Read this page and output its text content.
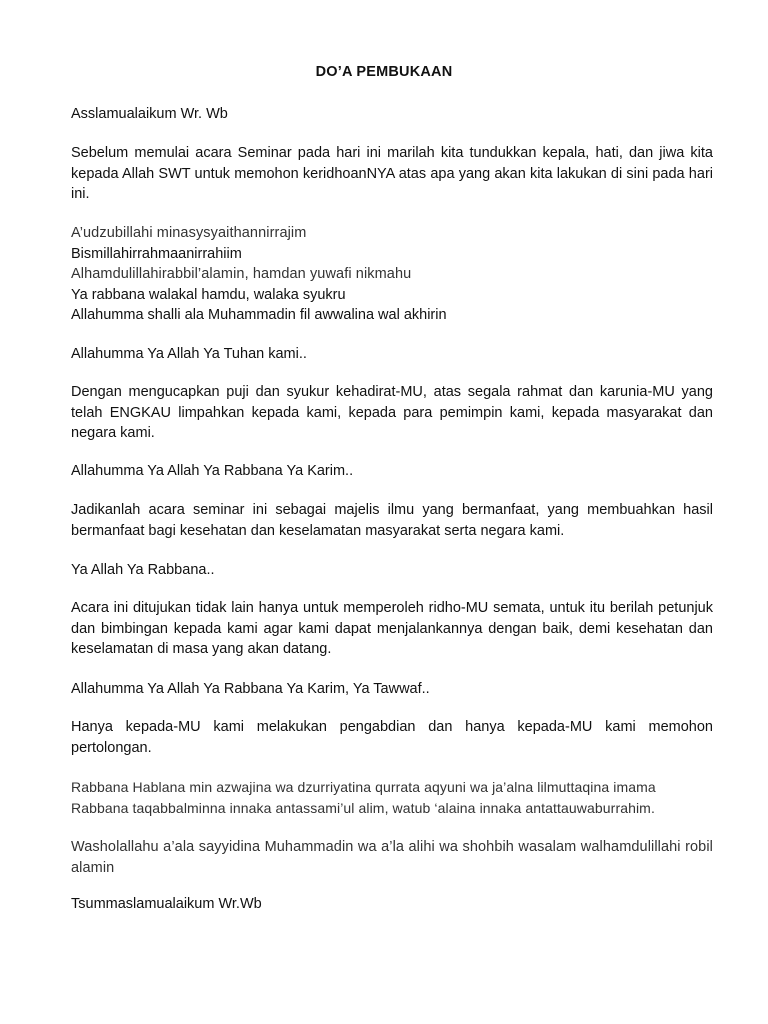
DO’A PEMBUKAAN

Asslamualaikum Wr. Wb

Sebelum memulai acara Seminar pada hari ini marilah kita tundukkan kepala, hati, dan jiwa kita kepada Allah SWT untuk memohon keridhoanNYA atas apa yang akan kita lakukan di sini pada hari ini.

A’udzubillahi minasysyaithannirrajim
Bismillahirrahmaanirrahiim
Alhamdulillahirabbil’alamin, hamdan yuwafi nikmahu
Ya rabbana walakal hamdu, walaka syukru
Allahumma shalli ala Muhammadin fil awwalina wal akhirin

Allahumma Ya Allah Ya Tuhan kami..

Dengan mengucapkan puji dan syukur kehadirat-MU, atas segala rahmat dan karunia-MU yang telah ENGKAU limpahkan kepada kami, kepada para pemimpin kami, kepada masyarakat dan negara kami.

Allahumma Ya Allah Ya Rabbana Ya Karim..

Jadikanlah acara seminar ini sebagai majelis ilmu yang bermanfaat, yang membuahkan hasil bermanfaat bagi kesehatan dan keselamatan masyarakat serta negara kami.

Ya Allah Ya Rabbana..

Acara ini ditujukan tidak lain hanya untuk memperoleh ridho-MU semata, untuk itu berilah petunjuk dan bimbingan kepada kami agar kami dapat menjalankannya dengan baik, demi kesehatan dan keselamatan di masa yang akan datang.

Allahumma Ya Allah Ya Rabbana Ya Karim, Ya Tawwaf..

Hanya kepada-MU kami melakukan pengabdian dan hanya kepada-MU kami memohon pertolongan.

Rabbana Hablana min azwajina wa dzurriyatina qurrata aqyuni wa ja’alna lilmuttaqina imama
Rabbana taqabbalminna innaka antassami’ul alim, watub ‘alaina innaka antattauwaburrahim.

Washolallahu a’ala sayyidina Muhammadin wa a’la alihi wa shohbih wasalam walhamdulillahi robil alamin

Tsummaslamualaikum Wr.Wb
